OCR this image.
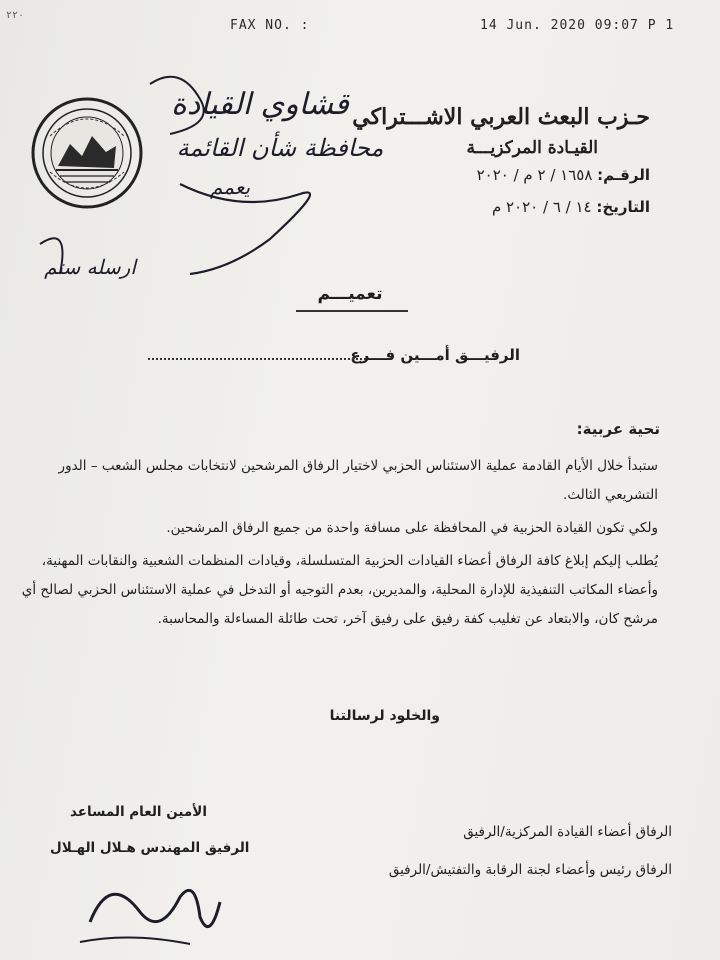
٢٢٠
FAX NO. :	14 Jun. 2020 09:07 P 1
حـزب البعث العربي الاشـــتراكي
القيـادة المركزيـــة
الرقـم: ١٦٥٨ / ٢ م / ٢٠٢٠
التاريخ: ١٤ / ٦ / ٢٠٢٠ م
قشاوي القيادة
محافظة شأن القائمة
يعمم
ارسله ستم
تعميـــم
الرفيـــق أمـــين فـــرع
تحية عربية:

ستبدأ خلال الأيام القادمة عملية الاستئناس الحزبي لاختيار الرفاق المرشحين لانتخابات مجلس الشعب – الدور التشريعي الثالث.

ولكي تكون القيادة الحزبية في المحافظة على مسافة واحدة من جميع الرفاق المرشحين.

يُطلب إليكم إبلاغ كافة الرفاق أعضاء القيادات الحزبية المتسلسلة، وقيادات المنظمات الشعبية والنقابات المهنية، وأعضاء المكاتب التنفيذية للإدارة المحلية، والمديرين، بعدم التوجيه أو التدخل في عملية الاستئناس الحزبي لصالح أي مرشح كان، والابتعاد عن تغليب كفة رفيق على رفيق آخر، تحت طائلة المساءلة والمحاسبة.

والخلود لرسالتنا
الأمين العام المساعد
الرفيق المهندس هـلال الهـلال
الرفاق أعضاء القيادة المركزية/الرفيق
الرفاق رئيس وأعضاء لجنة الرقابة والتفتيش/الرفيق
